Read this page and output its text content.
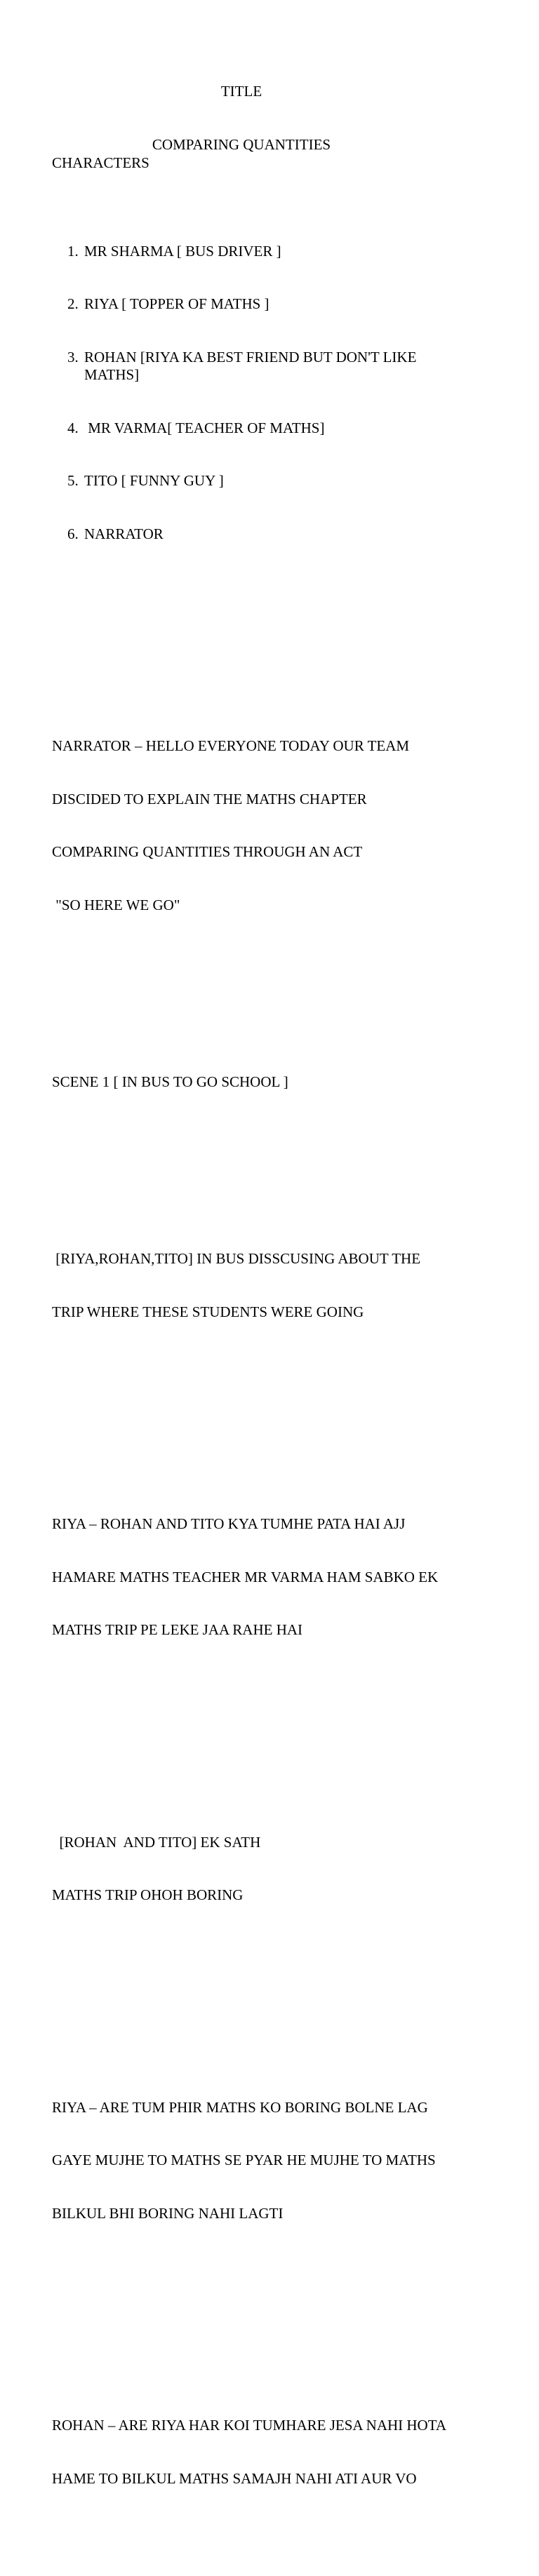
TITLE

COMPARING QUANTITIES

CHARACTERS

1. MR SHARMA [ BUS DRIVER ]

2. RIYA [ TOPPER OF MATHS ]

3. ROHAN [RIYA KA BEST FRIEND BUT DON'T LIKE
MATHS]

4. MR VARMA[ TEACHER OF MATHS]

5. TITO [ FUNNY GUY ]

6. NARRATOR

NARRATOR – HELLO EVERYONE TODAY OUR TEAM

DISCIDED TO EXPLAIN THE MATHS CHAPTER

COMPARING QUANTITIES THROUGH AN ACT

"SO HERE WE GO"

SCENE 1 [ IN BUS TO GO SCHOOL ]

[RIYA,ROHAN,TITO] IN BUS DISSCUSING ABOUT THE

TRIP WHERE THESE STUDENTS WERE GOING

RIYA – ROHAN AND TITO KYA TUMHE PATA HAI AJJ

HAMARE MATHS TEACHER MR VARMA HAM SABKO EK

MATHS TRIP PE LEKE JAA RAHE HAI

[ROHAN  AND TITO] EK SATH

MATHS TRIP OHOH BORING

RIYA – ARE TUM PHIR MATHS KO BORING BOLNE LAG

GAYE MUJHE TO MATHS SE PYAR HE MUJHE TO MATHS

BILKUL BHI BORING NAHI LAGTI

ROHAN – ARE RIYA HAR KOI TUMHARE JESA NAHI HOTA

HAME TO BILKUL MATHS SAMAJH NAHI ATI AUR VO
